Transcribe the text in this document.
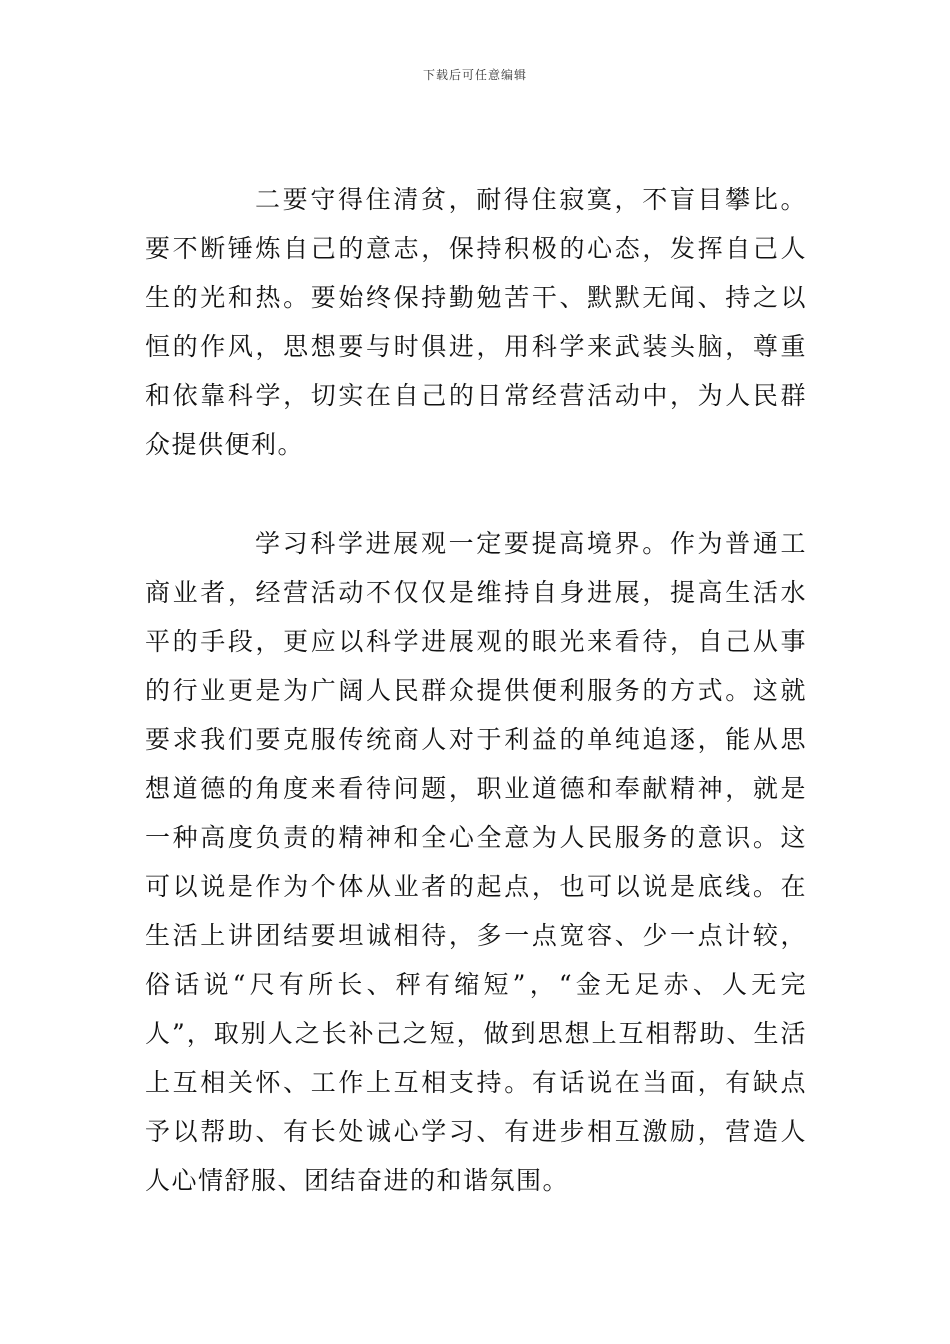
下载后可任意编辑

二要守得住清贫，耐得住寂寞，不盲目攀比。要不断锤炼自己的意志，保持积极的心态，发挥自己人生的光和热。要始终保持勤勉苦干、默默无闻、持之以恒的作风，思想要与时俱进，用科学来武装头脑，尊重和依靠科学，切实在自己的日常经营活动中，为人民群众提供便利。

学习科学进展观一定要提高境界。作为普通工商业者，经营活动不仅仅是维持自身进展，提高生活水平的手段，更应以科学进展观的眼光来看待，自己从事的行业更是为广阔人民群众提供便利服务的方式。这就要求我们要克服传统商人对于利益的单纯追逐，能从思想道德的角度来看待问题，职业道德和奉献精神，就是一种高度负责的精神和全心全意为人民服务的意识。这可以说是作为个体从业者的起点，也可以说是底线。在生活上讲团结要坦诚相待，多一点宽容、少一点计较，俗话说“尺有所长、秤有缩短”，“金无足赤、人无完人”，取别人之长补己之短，做到思想上互相帮助、生活上互相关怀、工作上互相支持。有话说在当面，有缺点予以帮助、有长处诚心学习、有进步相互激励，营造人人心情舒服、团结奋进的和谐氛围。
